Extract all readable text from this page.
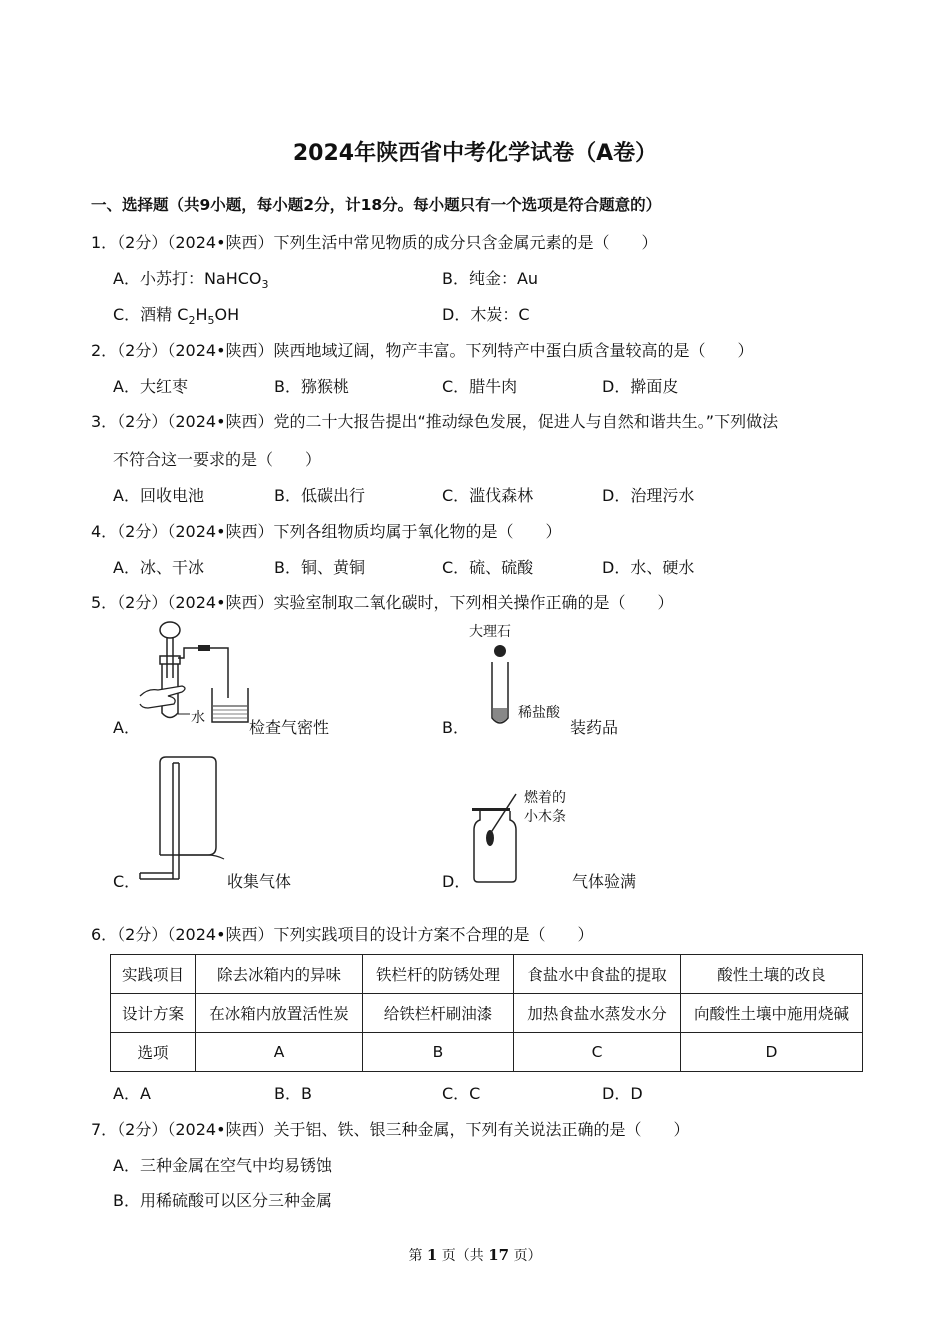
2024年陕西省中考化学试卷（A卷）
一、选择题（共9小题，每小题2分，计18分。每小题只有一个选项是符合题意的）
1．（2分）（2024•陕西）下列生活中常见物质的成分只含金属元素的是（　　）
A．小苏打：NaHCO$_3$	B．纯金：Au
C．酒精 $C_2H_5OH$	D．木炭：C
2．（2分）（2024•陕西）陕西地域辽阔，物产丰富。下列特产中蛋白质含量较高的是（　　）
A．大红枣	B．猕猴桃	C．腊牛肉	D．擀面皮
3．（2分）（2024•陕西）党的二十大报告提出“推动绿色发展，促进人与自然和谐共生。”下列做法
不符合这一要求的是（　　）
A．回收电池	B．低碳出行	C．滥伐森林	D．治理污水
4．（2分）（2024•陕西）下列各组物质均属于氧化物的是（　　）
A．冰、干冰	B．铜、黄铜	C．硫、硫酸	D．水、硬水
5．（2分）（2024•陕西）实验室制取二氧化碳时，下列相关操作正确的是（　　）
A．	水	检查气密性	B．
大理石
稀盐酸
装药品
C．	收集气体	D．
燃着的
小木条
气体验满
6．（2分）（2024•陕西）下列实践项目的设计方案不合理的是（　　）
实践项目	除去冰箱内的异味	铁栏杆的防锈处理	食盐水中食盐的提取	酸性土壤的改良
设计方案	在冰箱内放置活性炭	给铁栏杆刷油漆	加热食盐水蒸发水分	向酸性土壤中施用烧碱
选项	A	B	C	D
A．A	B．B	C．C	D．D
7．（2分）（2024•陕西）关于铝、铁、银三种金属，下列有关说法正确的是（　　）
A．三种金属在空气中均易锈蚀
B．用稀硫酸可以区分三种金属
第 1 页（共 17 页）
